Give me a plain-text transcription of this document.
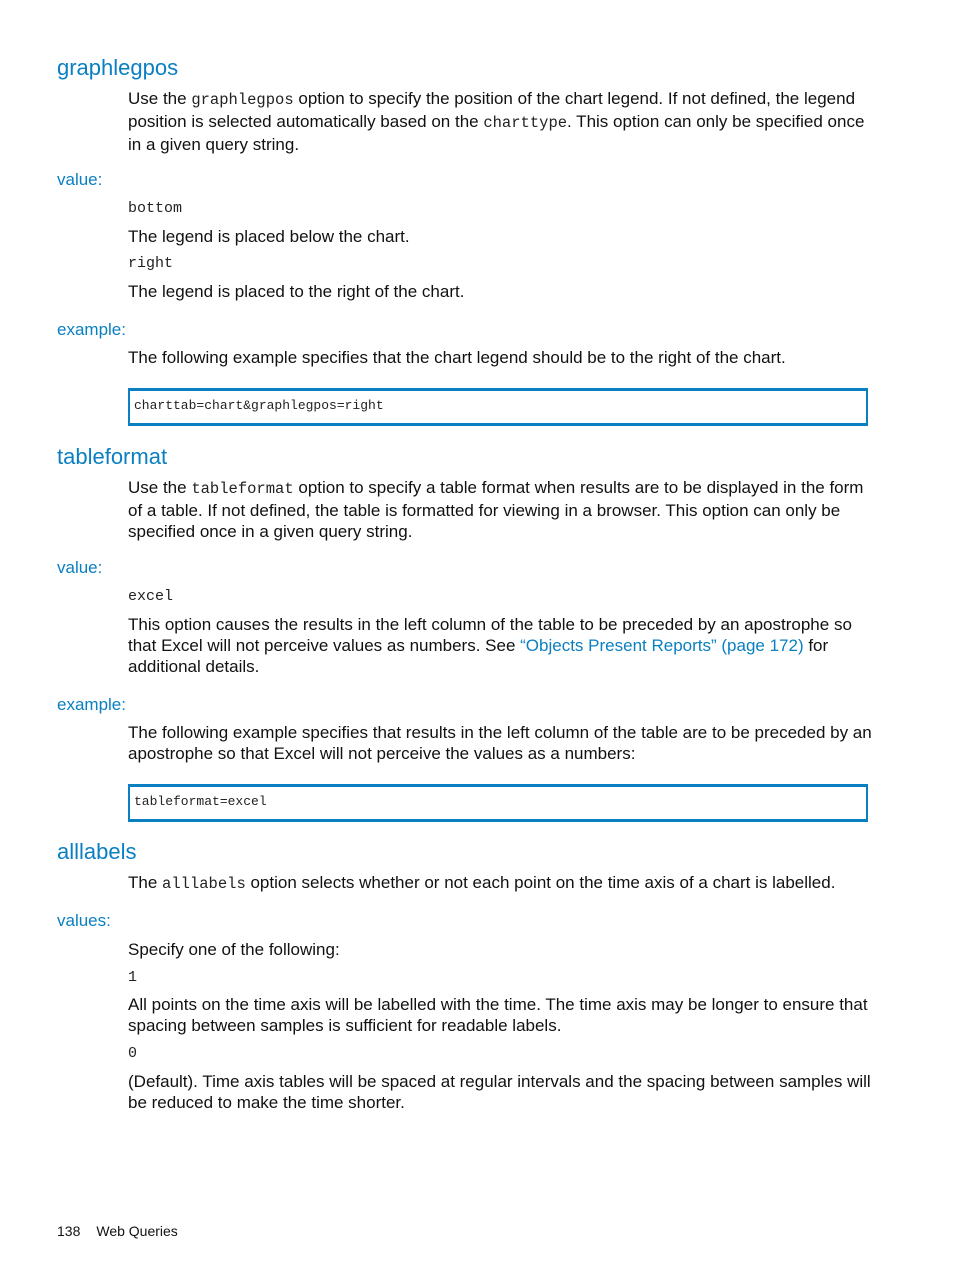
graphlegpos

Use the graphlegpos option to specify the position of the chart legend. If not defined, the legend position is selected automatically based on the charttype. This option can only be specified once in a given query string.

value:

bottom

The legend is placed below the chart.

right

The legend is placed to the right of the chart.

example:

The following example specifies that the chart legend should be to the right of the chart.

charttab=chart&graphlegpos=right
tableformat

Use the tableformat option to specify a table format when results are to be displayed in the form of a table. If not defined, the table is formatted for viewing in a browser. This option can only be specified once in a given query string.

value:

excel

This option causes the results in the left column of the table to be preceded by an apostrophe so that Excel will not perceive values as numbers. See “Objects Present Reports” (page 172) for additional details.

example:

The following example specifies that results in the left column of the table are to be preceded by an apostrophe so that Excel will not perceive the values as a numbers:

tableformat=excel
alllabels

The alllabels option selects whether or not each point on the time axis of a chart is labelled.

values:

Specify one of the following:

1

All points on the time axis will be labelled with the time. The time axis may be longer to ensure that spacing between samples is sufficient for readable labels.

0

(Default). Time axis tables will be spaced at regular intervals and the spacing between samples will be reduced to make the time shorter.

138 Web Queries
